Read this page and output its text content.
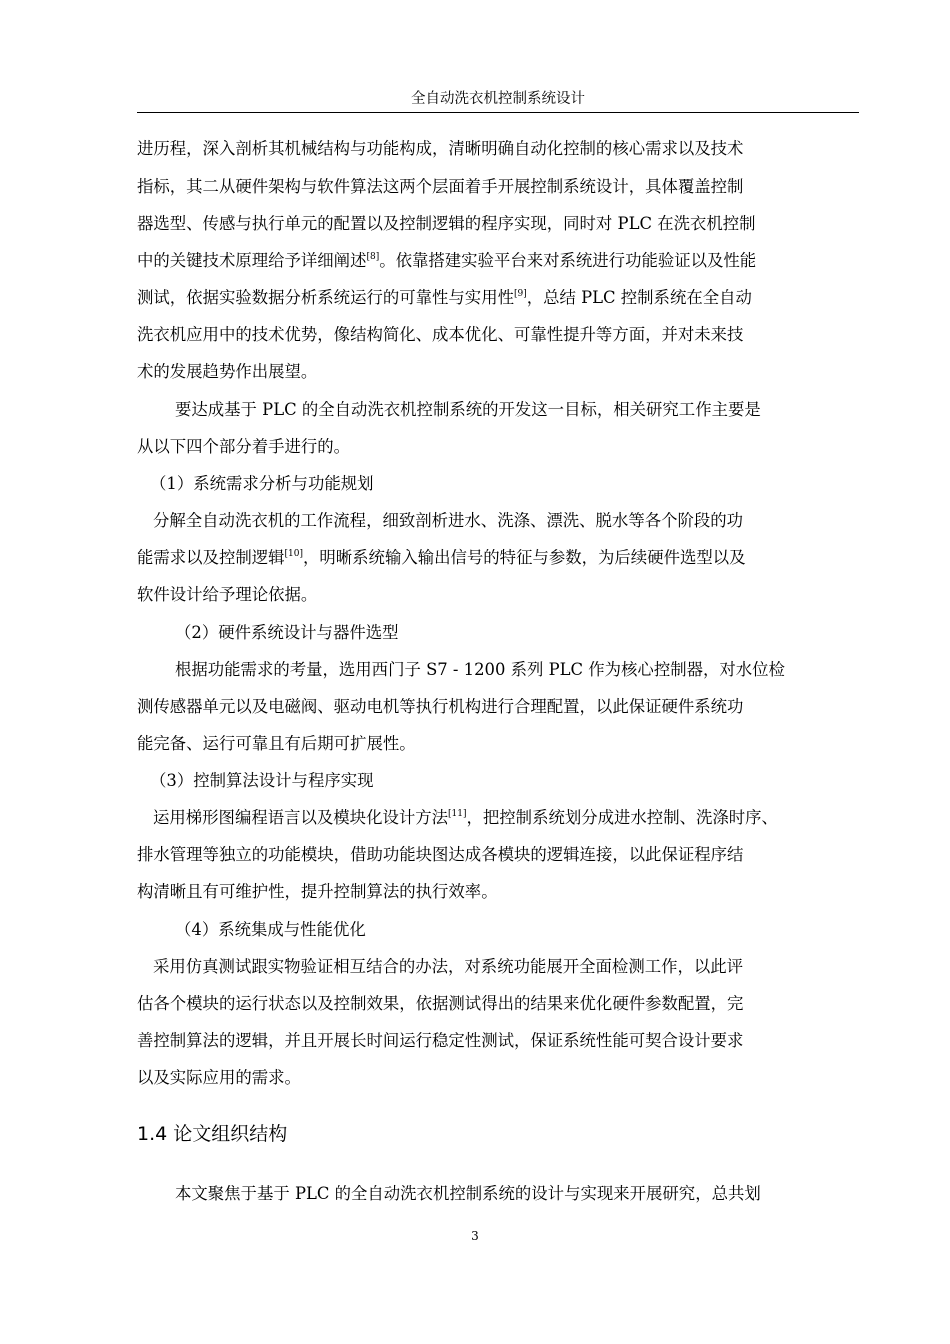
全自动洗衣机控制系统设计
进历程，深入剖析其机械结构与功能构成，清晰明确自动化控制的核心需求以及技术
指标，其二从硬件架构与软件算法这两个层面着手开展控制系统设计，具体覆盖控制
器选型、传感与执行单元的配置以及控制逻辑的程序实现，同时对 PLC 在洗衣机控制
中的关键技术原理给予详细阐述[8]。依靠搭建实验平台来对系统进行功能验证以及性能
测试，依据实验数据分析系统运行的可靠性与实用性[9]，总结 PLC 控制系统在全自动
洗衣机应用中的技术优势，像结构简化、成本优化、可靠性提升等方面，并对未来技
术的发展趋势作出展望。
要达成基于 PLC 的全自动洗衣机控制系统的开发这一目标，相关研究工作主要是
从以下四个部分着手进行的。
（1）系统需求分析与功能规划
分解全自动洗衣机的工作流程，细致剖析进水、洗涤、漂洗、脱水等各个阶段的功
能需求以及控制逻辑[10]，明晰系统输入输出信号的特征与参数，为后续硬件选型以及
软件设计给予理论依据。
（2）硬件系统设计与器件选型
根据功能需求的考量，选用西门子 S7 - 1200 系列 PLC 作为核心控制器，对水位检
测传感器单元以及电磁阀、驱动电机等执行机构进行合理配置，以此保证硬件系统功
能完备、运行可靠且有后期可扩展性。
（3）控制算法设计与程序实现
运用梯形图编程语言以及模块化设计方法[11]，把控制系统划分成进水控制、洗涤时序、
排水管理等独立的功能模块，借助功能块图达成各模块的逻辑连接，以此保证程序结
构清晰且有可维护性，提升控制算法的执行效率。
（4）系统集成与性能优化
采用仿真测试跟实物验证相互结合的办法，对系统功能展开全面检测工作，以此评
估各个模块的运行状态以及控制效果，依据测试得出的结果来优化硬件参数配置，完
善控制算法的逻辑，并且开展长时间运行稳定性测试，保证系统性能可契合设计要求
以及实际应用的需求。
1.4 论文组织结构
本文聚焦于基于 PLC 的全自动洗衣机控制系统的设计与实现来开展研究，总共划
3
